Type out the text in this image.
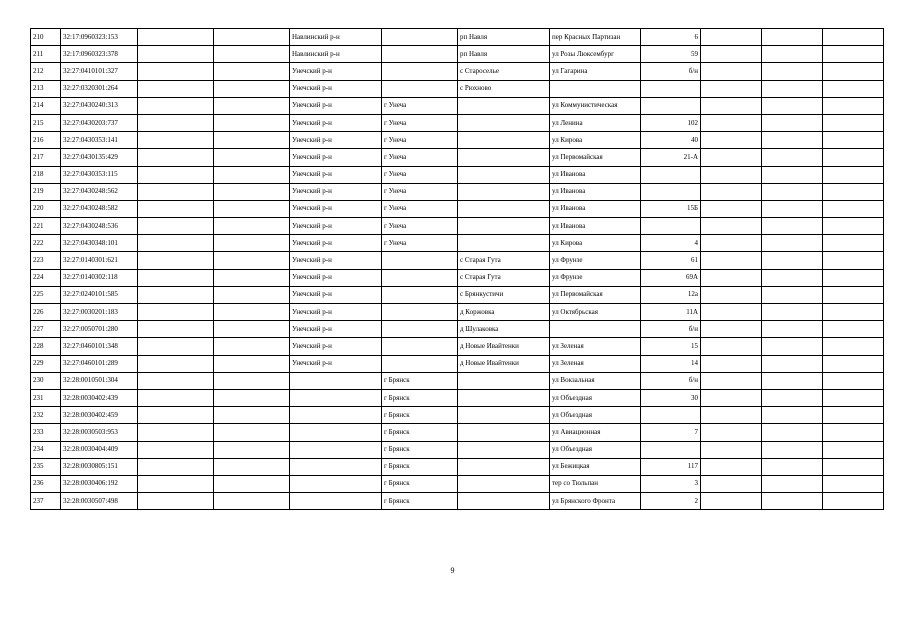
210	32:17:0960323:153			Навлинский р-н		рп Навля	пер Красных Партизан	6			
211	32:17:0960323:378			Навлинский р-н		рп Навля	ул Розы Люксембург	59			
212	32:27:0410101:327			Унечский р-н		с Старосельe	ул Гагарина	б/н			
213	32:27:0320301:264			Унечский р-н		с Рюхновo					
214	32:27:0430240:313			Унечский р-н	г Унеча		ул Коммунистическая				
215	32:27:0430203:737			Унечский р-н	г Унеча		ул Ленина	102			
216	32:27:0430353:141			Унечский р-н	г Унеча		ул Кирова	40			
217	32:27:0430135:429			Унечский р-н	г Унеча		ул Первомайская	21-А			
218	32:27:0430353:115			Унечский р-н	г Унеча		ул Иванова				
219	32:27:0430248:562			Унечский р-н	г Унеча		ул Иванова				
220	32:27:0430248:582			Унечский р-н	г Унеча		ул Иванова	15Б			
221	32:27:0430248:536			Унечский р-н	г Унеча		ул Иванова				
222	32:27:0430348:101			Унечский р-н	г Унеча		ул Кирова	4			
223	32:27:0140301:621			Унечский р-н		с Старая Гута	ул Фрунзе	61			
224	32:27:0140302:118			Унечский р-н		с Старая Гута	ул Фрунзе	69А			
225	32:27:0240101:585			Унечский р-н		с Брянкустичи	ул Первомайская	12а			
226	32:27:0030201:183			Унечский р-н		д Коржовка	ул Октябрьская	11А			
227	32:27:0050701:280			Унечский р-н		д Шулаковка		б/н			
228	32:27:0460101:348			Унечский р-н		д Новые Ивайтенки	ул Зеленая	15			
229	32:27:0460101:289			Унечский р-н		д Новые Ивайтенки	ул Зеленая	14			
230	32:28:0010501:304				г Брянск		ул Вокзальная	б/н			
231	32:28:0030402:439				г Брянск		ул Объездная	30			
232	32:28:0030402:459				г Брянск		ул Объездная				
233	32:28:0030503:953				г Брянск		ул Авиационная	7			
234	32:28:0030404:409				г Брянск		ул Объездная				
235	32:28:0030805:151				г Брянск		ул Бежицкая	117			
236	32:28:0030406:192				г Брянск		тер сo Тюльпан	3			
237	32:28:0030507:498				г Брянск		ул Брянского Фронта	2			
9
